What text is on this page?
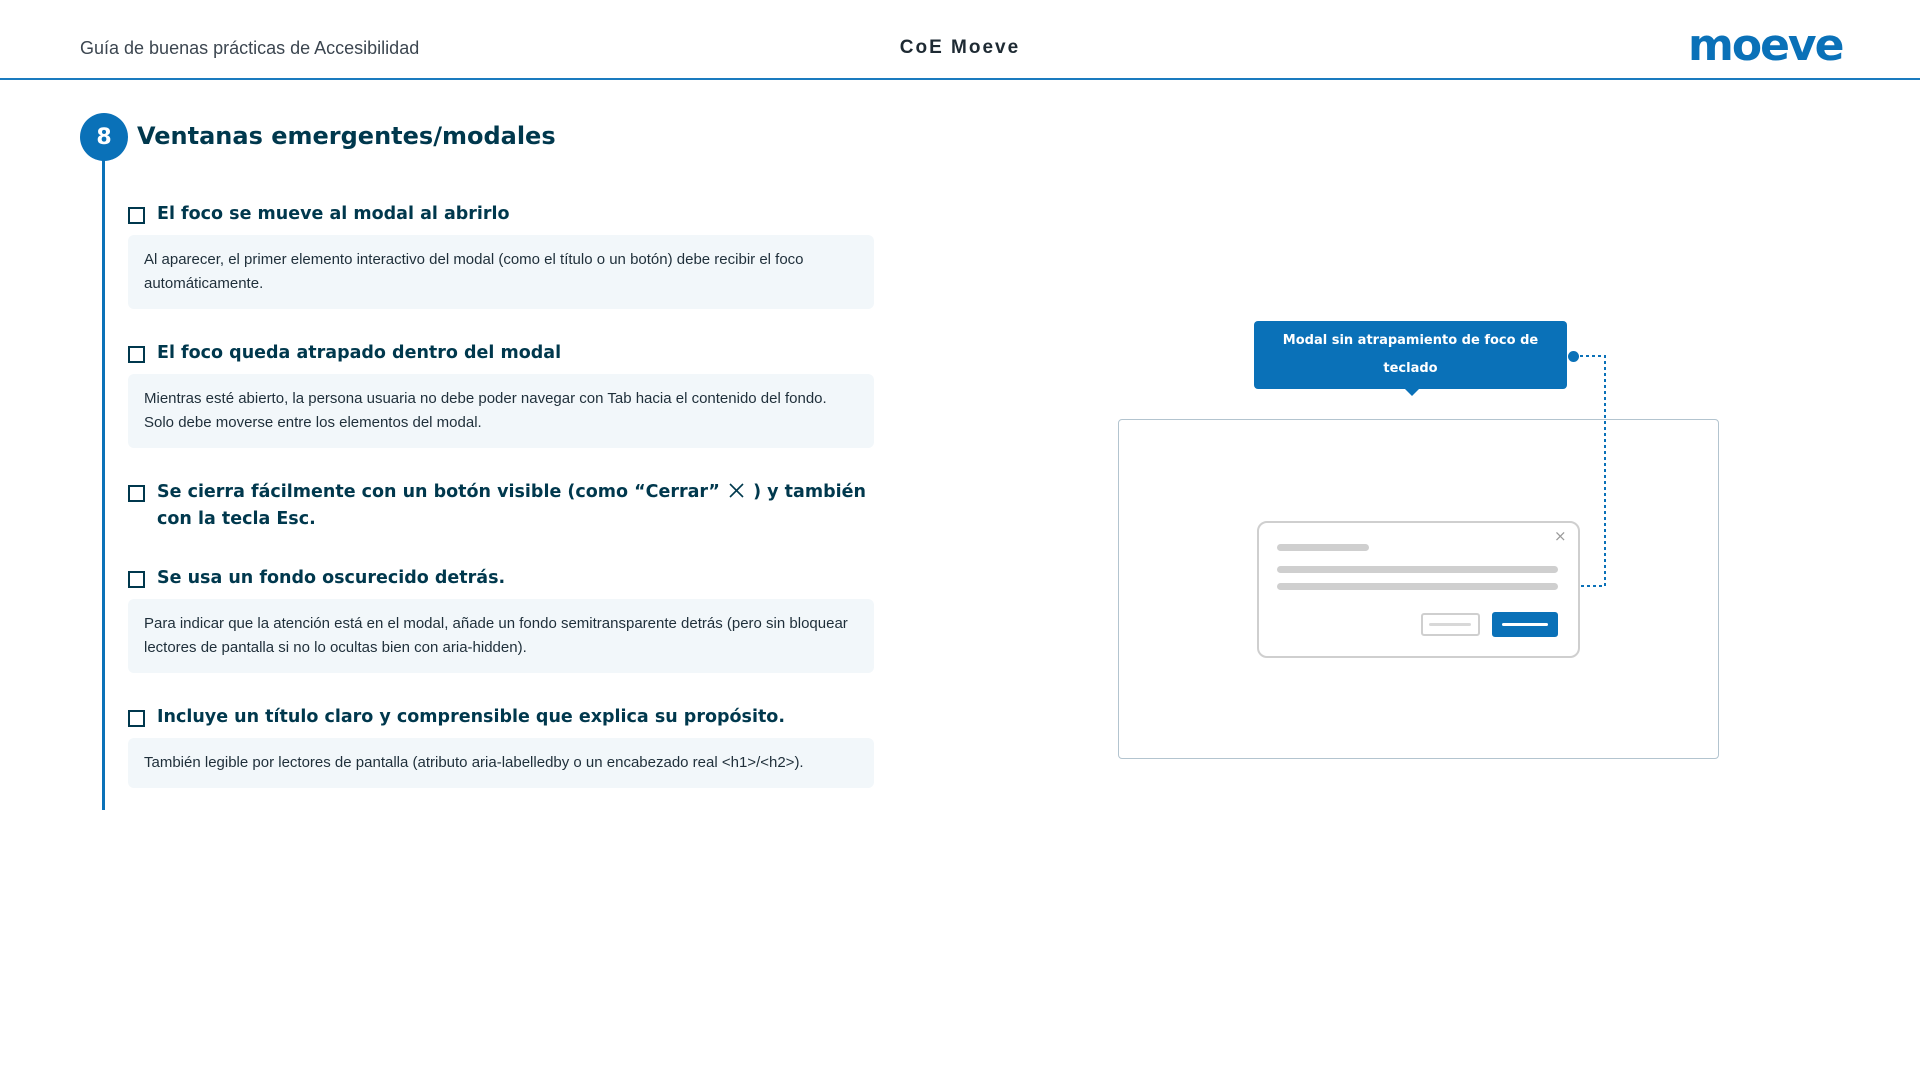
Guía de buenas prácticas de Accesibilidad	CoE Moeve	moeve
8	Ventanas emergentes/modales
El foco se mueve al modal al abrirlo
Al aparecer, el primer elemento interactivo del modal (como el título o un botón) debe recibir el foco automáticamente.
El foco queda atrapado dentro del modal
Mientras esté abierto, la persona usuaria no debe poder navegar con Tab hacia el contenido del fondo. Solo debe moverse entre los elementos del modal.
Se cierra fácilmente con un botón visible (como “Cerrar” ) y también con la tecla Esc.
Se usa un fondo oscurecido detrás.
Para indicar que la atención está en el modal, añade un fondo semitransparente detrás (pero sin bloquear lectores de pantalla si no lo ocultas bien con aria-hidden).
Incluye un título claro y comprensible que explica su propósito.
También legible por lectores de pantalla (atributo aria-labelledby o un encabezado real <h1>/<h2>).
Modal sin atrapamiento de foco de teclado
(se debe cerrar con la tecla esc)
×
